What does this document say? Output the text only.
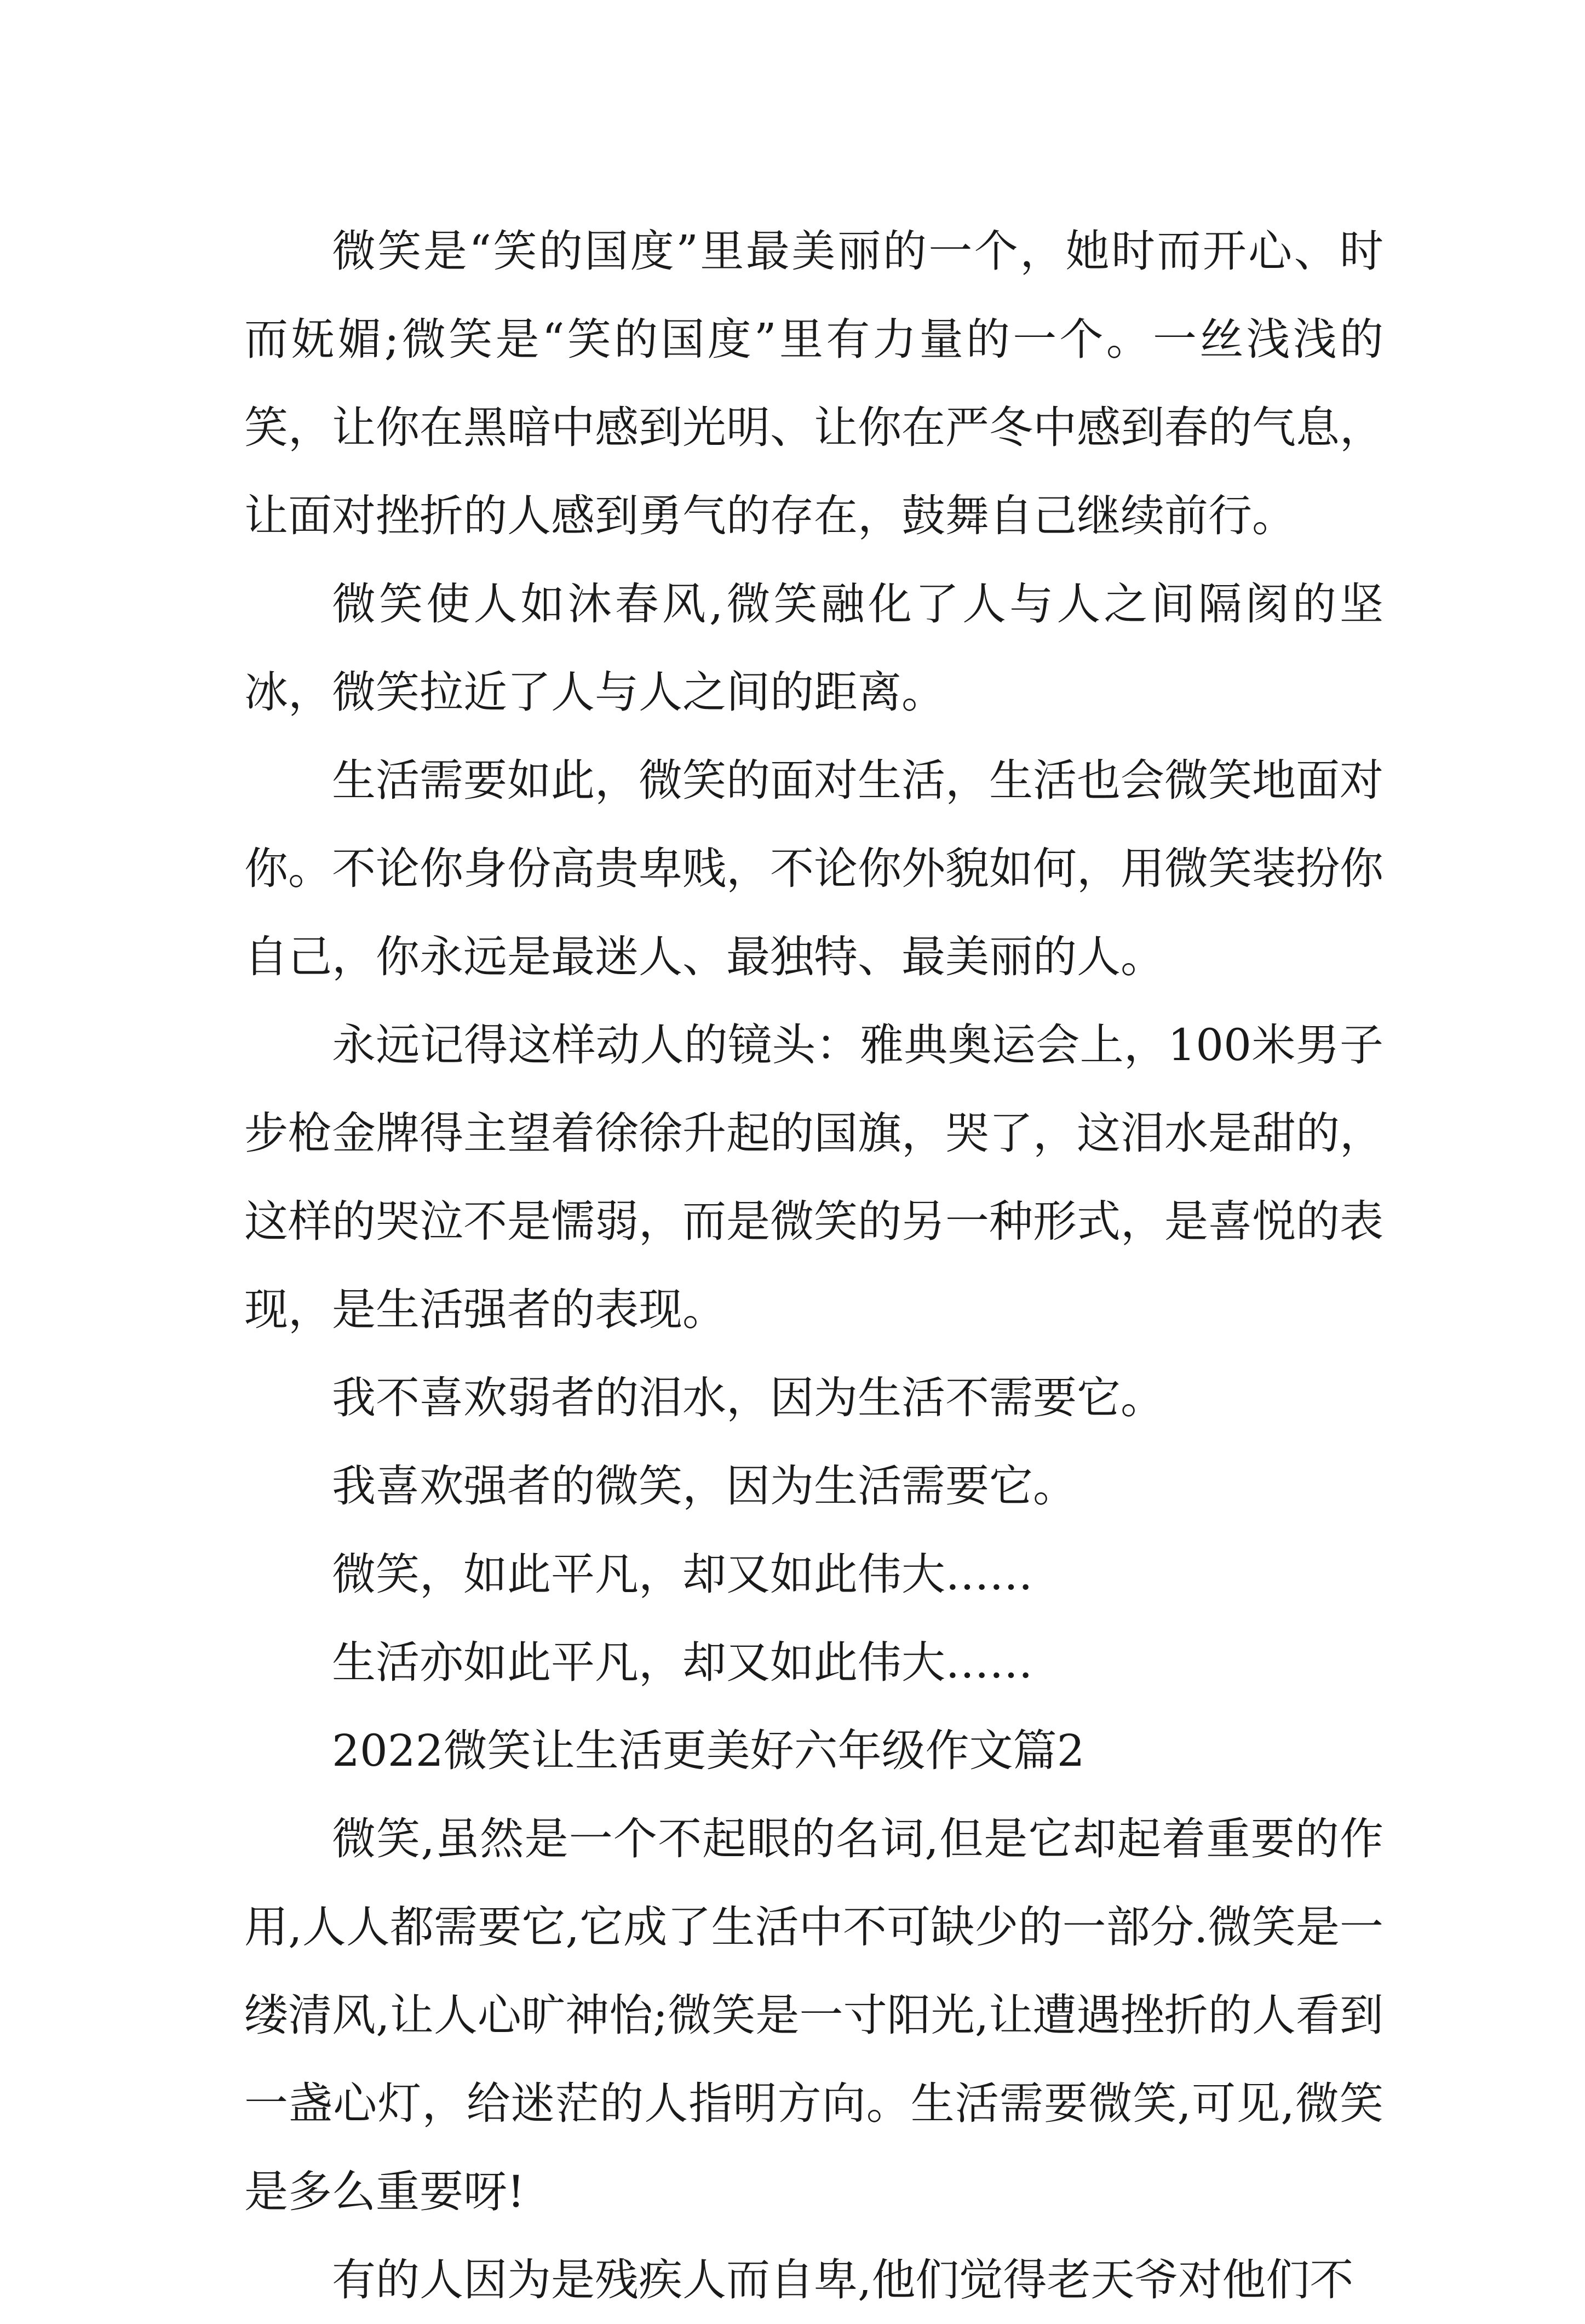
微笑是“笑的国度”里最美丽的一个，她时而开心、时而妩媚;微笑是“笑的国度”里有力量的一个。一丝浅浅的笑，让你在黑暗中感到光明、让你在严冬中感到春的气息，让面对挫折的人感到勇气的存在，鼓舞自己继续前行。

微笑使人如沐春风,微笑融化了人与人之间隔阂的坚冰，微笑拉近了人与人之间的距离。

生活需要如此，微笑的面对生活，生活也会微笑地面对你。不论你身份高贵卑贱，不论你外貌如何，用微笑装扮你自己，你永远是最迷人、最独特、最美丽的人。

永远记得这样动人的镜头：雅典奥运会上，100米男子步枪金牌得主望着徐徐升起的国旗，哭了，这泪水是甜的，这样的哭泣不是懦弱，而是微笑的另一种形式，是喜悦的表现，是生活强者的表现。

我不喜欢弱者的泪水，因为生活不需要它。

我喜欢强者的微笑，因为生活需要它。

微笑，如此平凡，却又如此伟大……

生活亦如此平凡，却又如此伟大……

2022微笑让生活更美好六年级作文篇2

微笑,虽然是一个不起眼的名词,但是它却起着重要的作用,人人都需要它,它成了生活中不可缺少的一部分.微笑是一缕清风,让人心旷神怡;微笑是一寸阳光,让遭遇挫折的人看到一盏心灯，给迷茫的人指明方向。生活需要微笑,可见,微笑是多么重要呀!

有的人因为是残疾人而自卑,他们觉得老天爷对他们不
